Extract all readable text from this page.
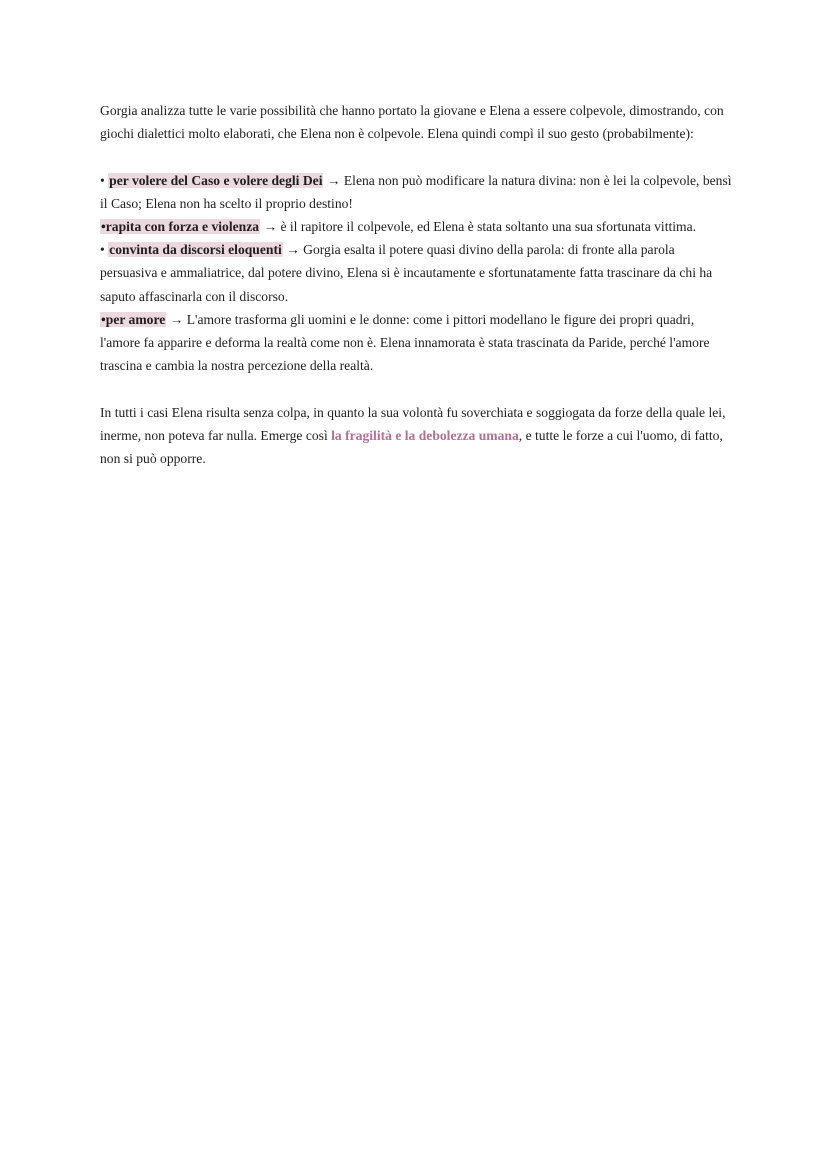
Gorgia analizza tutte le varie possibilità che hanno portato la giovane e Elena a essere colpevole, dimostrando, con giochi dialettici molto elaborati, che Elena non è colpevole. Elena quindi compì il suo gesto (probabilmente):

• per volere del Caso e volere degli Dei → Elena non può modificare la natura divina: non è lei la colpevole, bensì il Caso; Elena non ha scelto il proprio destino!

•rapita con forza e violenza → è il rapitore il colpevole, ed Elena è stata soltanto una sua sfortunata vittima.

• convinta da discorsi eloquenti → Gorgia esalta il potere quasi divino della parola: di fronte alla parola persuasiva e ammaliatrice, dal potere divino, Elena si è incautamente e sfortunatamente fatta trascinare da chi ha saputo affascinarla con il discorso.

•per amore → L'amore trasforma gli uomini e le donne: come i pittori modellano le figure dei propri quadri, l'amore fa apparire e deforma la realtà come non è. Elena innamorata è stata trascinata da Paride, perché l'amore trascina e cambia la nostra percezione della realtà.

In tutti i casi Elena risulta senza colpa, in quanto la sua volontà fu soverchiata e soggiogata da forze della quale lei, inerme, non poteva far nulla. Emerge così la fragilità e la debolezza umana, e tutte le forze a cui l'uomo, di fatto, non si può opporre.
